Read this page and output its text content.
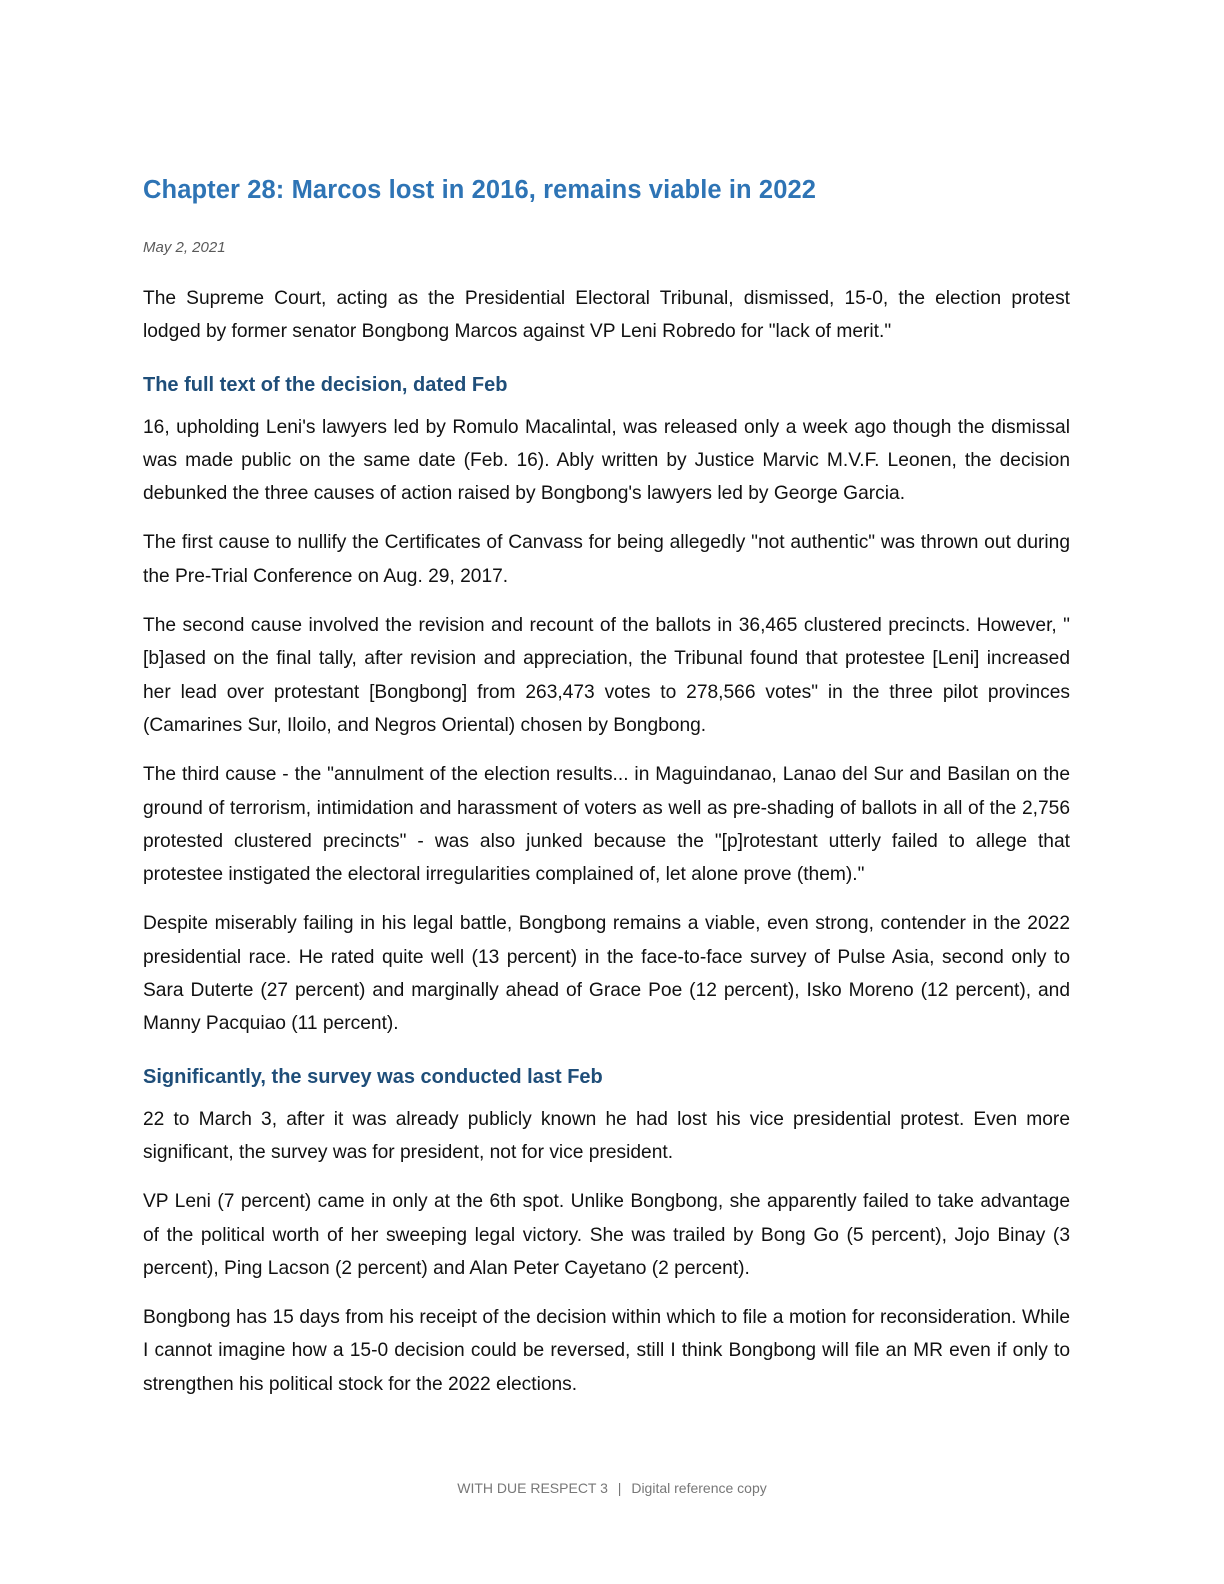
Chapter 28: Marcos lost in 2016, remains viable in 2022
May 2, 2021

The Supreme Court, acting as the Presidential Electoral Tribunal, dismissed, 15-0, the election protest lodged by former senator Bongbong Marcos against VP Leni Robredo for "lack of merit."

The full text of the decision, dated Feb

16, upholding Leni's lawyers led by Romulo Macalintal, was released only a week ago though the dismissal was made public on the same date (Feb. 16). Ably written by Justice Marvic M.V.F. Leonen, the decision debunked the three causes of action raised by Bongbong's lawyers led by George Garcia.

The first cause to nullify the Certificates of Canvass for being allegedly "not authentic" was thrown out during the Pre-Trial Conference on Aug. 29, 2017.

The second cause involved the revision and recount of the ballots in 36,465 clustered precincts. However, "[b]ased on the final tally, after revision and appreciation, the Tribunal found that protestee [Leni] increased her lead over protestant [Bongbong] from 263,473 votes to 278,566 votes" in the three pilot provinces (Camarines Sur, Iloilo, and Negros Oriental) chosen by Bongbong.

The third cause - the "annulment of the election results... in Maguindanao, Lanao del Sur and Basilan on the ground of terrorism, intimidation and harassment of voters as well as pre-shading of ballots in all of the 2,756 protested clustered precincts" - was also junked because the "[p]rotestant utterly failed to allege that protestee instigated the electoral irregularities complained of, let alone prove (them)."

Despite miserably failing in his legal battle, Bongbong remains a viable, even strong, contender in the 2022 presidential race. He rated quite well (13 percent) in the face-to-face survey of Pulse Asia, second only to Sara Duterte (27 percent) and marginally ahead of Grace Poe (12 percent), Isko Moreno (12 percent), and Manny Pacquiao (11 percent).

Significantly, the survey was conducted last Feb

22 to March 3, after it was already publicly known he had lost his vice presidential protest. Even more significant, the survey was for president, not for vice president.

VP Leni (7 percent) came in only at the 6th spot. Unlike Bongbong, she apparently failed to take advantage of the political worth of her sweeping legal victory. She was trailed by Bong Go (5 percent), Jojo Binay (3 percent), Ping Lacson (2 percent) and Alan Peter Cayetano (2 percent).

Bongbong has 15 days from his receipt of the decision within which to file a motion for reconsideration. While I cannot imagine how a 15-0 decision could be reversed, still I think Bongbong will file an MR even if only to strengthen his political stock for the 2022 elections.

WITH DUE RESPECT 3 | Digital reference copy
